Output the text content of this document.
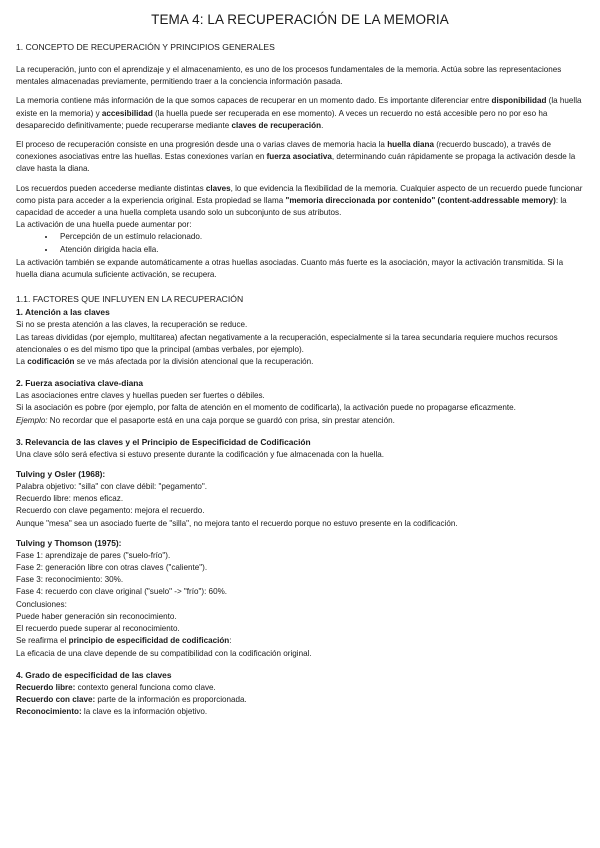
TEMA 4: LA RECUPERACIÓN DE LA MEMORIA
1. CONCEPTO DE RECUPERACIÓN Y PRINCIPIOS GENERALES

La recuperación, junto con el aprendizaje y el almacenamiento, es uno de los procesos fundamentales de la memoria. Actúa sobre las representaciones mentales almacenadas previamente, permitiendo traer a la conciencia información pasada.

La memoria contiene más información de la que somos capaces de recuperar en un momento dado. Es importante diferenciar entre disponibilidad (la huella existe en la memoria) y accesibilidad (la huella puede ser recuperada en ese momento). A veces un recuerdo no está accesible pero no por eso ha desaparecido definitivamente; puede recuperarse mediante claves de recuperación.

El proceso de recuperación consiste en una progresión desde una o varias claves de memoria hacia la huella diana (recuerdo buscado), a través de conexiones asociativas entre las huellas. Estas conexiones varían en fuerza asociativa, determinando cuán rápidamente se propaga la activación desde la clave hasta la diana.

Los recuerdos pueden accederse mediante distintas claves, lo que evidencia la flexibilidad de la memoria. Cualquier aspecto de un recuerdo puede funcionar como pista para acceder a la experiencia original. Esta propiedad se llama "memoria direccionada por contenido" (content-addressable memory): la capacidad de acceder a una huella completa usando solo un subconjunto de sus atributos.

La activación de una huella puede aumentar por:

• Percepción de un estímulo relacionado.
• Atención dirigida hacia ella.

La activación también se expande automáticamente a otras huellas asociadas. Cuanto más fuerte es la asociación, mayor la activación transmitida. Si la huella diana acumula suficiente activación, se recupera.

1.1. FACTORES QUE INFLUYEN EN LA RECUPERACIÓN
1. Atención a las claves

Si no se presta atención a las claves, la recuperación se reduce.

Las tareas divididas (por ejemplo, multitarea) afectan negativamente a la recuperación, especialmente si la tarea secundaria requiere muchos recursos atencionales o es del mismo tipo que la principal (ambas verbales, por ejemplo).

La codificación se ve más afectada por la división atencional que la recuperación.

2. Fuerza asociativa clave-diana

Las asociaciones entre claves y huellas pueden ser fuertes o débiles.

Si la asociación es pobre (por ejemplo, por falta de atención en el momento de codificarla), la activación puede no propagarse eficazmente.

Ejemplo: No recordar que el pasaporte está en una caja porque se guardó con prisa, sin prestar atención.

3. Relevancia de las claves y el Principio de Especificidad de Codificación

Una clave sólo será efectiva si estuvo presente durante la codificación y fue almacenada con la huella.

Tulving y Osler (1968):

Palabra objetivo: "silla" con clave débil: "pegamento".

Recuerdo libre: menos eficaz.

Recuerdo con clave pegamento: mejora el recuerdo.

Aunque "mesa" sea un asociado fuerte de "silla", no mejora tanto el recuerdo porque no estuvo presente en la codificación.

Tulving y Thomson (1975):

Fase 1: aprendizaje de pares ("suelo-frío").

Fase 2: generación libre con otras claves ("caliente").

Fase 3: reconocimiento: 30%.

Fase 4: recuerdo con clave original ("suelo" -> "frío"): 60%.

Conclusiones:

Puede haber generación sin reconocimiento.

El recuerdo puede superar al reconocimiento.

Se reafirma el principio de especificidad de codificación:

La eficacia de una clave depende de su compatibilidad con la codificación original.

4. Grado de especificidad de las claves

Recuerdo libre: contexto general funciona como clave.

Recuerdo con clave: parte de la información es proporcionada.

Reconocimiento: la clave es la información objetivo.
